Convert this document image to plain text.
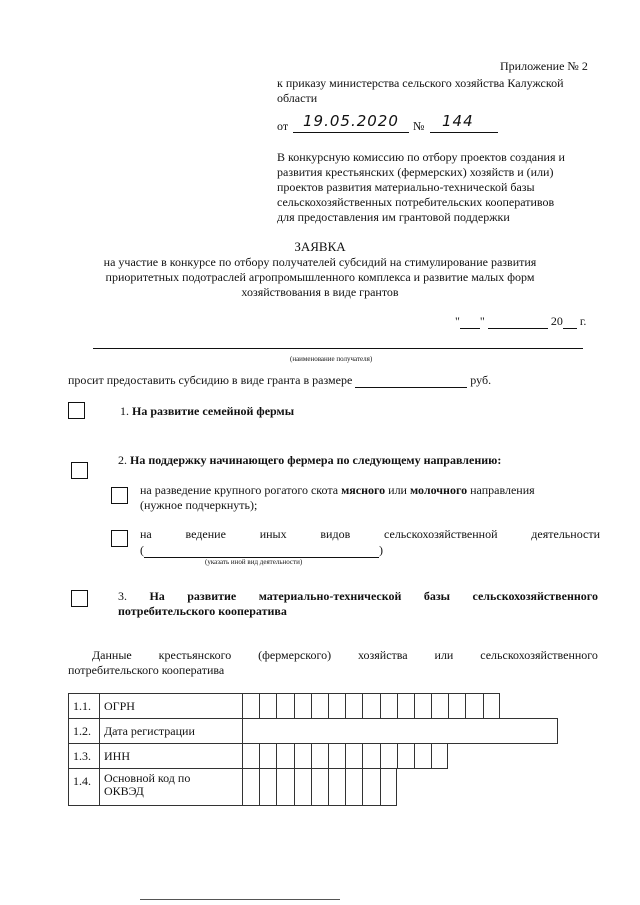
Приложение № 2
к приказу министерства сельского хозяйства Калужской
области
от 19.05.2020 № 144
В конкурсную комиссию по отбору проектов создания и
развития крестьянских (фермерских) хозяйств и (или)
проектов развития материально-технической базы
сельскохозяйственных потребительских кооперативов
для предоставления им грантовой поддержки
ЗАЯВКА
на участие в конкурсе по отбору получателей субсидий на стимулирование развития
приоритетных подотраслей агропромышленного комплекса и развитие малых форм
хозяйствования в виде грантов
" "	20 г.
(наименование получателя)
просит предоставить субсидию в виде гранта в размере	руб.
1. На развитие семейной фермы
2. На поддержку начинающего фермера по следующему направлению:
на разведение крупного рогатого скота мясного или молочного направления
(нужное подчеркнуть);
на	ведение	иных	видов	сельскохозяйственной	деятельности
(	)
(указать иной вид деятельности)
3. На развитие материально-технической базы сельскохозяйственного
потребительского кооператива
Данные крестьянского (фермерского) хозяйства или сельскохозяйственного
потребительского кооператива
1.1.	ОГРН
1.2.	Дата регистрации
1.3.	ИНН
1.4.	Основной код по
ОКВЭД
